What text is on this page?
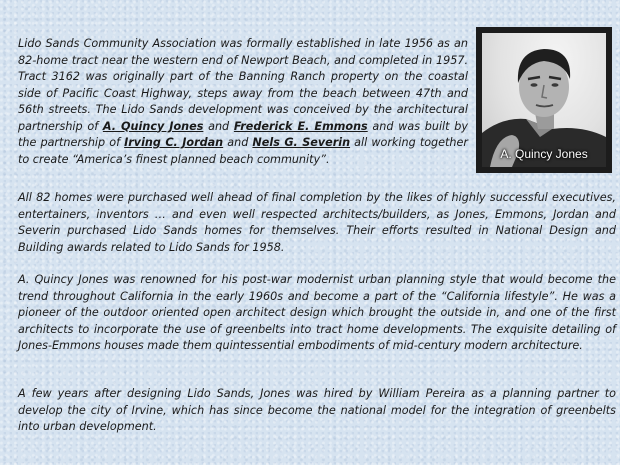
Lido Sands Community Association was formally established in late 1956 as an 82-home tract near the western end of Newport Beach, and completed in 1957. Tract 3162 was originally part of the Banning Ranch property on the coastal side of Pacific Coast Highway, steps away from the beach between 47th and 56th streets. The Lido Sands development was conceived by the architectural partnership of A. Quincy Jones and Frederick E. Emmons and was built by the partnership of Irving C. Jordan and Nels G. Severin all working together to create “America’s finest planned beach community”.	A. Quincy Jones

All 82 homes were purchased well ahead of final completion by the likes of highly successful executives, entertainers, inventors … and even well respected architects/builders, as Jones, Emmons, Jordan and Severin purchased Lido Sands homes for themselves. Their efforts resulted in National Design and Building awards related to Lido Sands for 1958.

A. Quincy Jones was renowned for his post-war modernist urban planning style that would become the trend throughout California in the early 1960s and become a part of the “California lifestyle”. He was a pioneer of the outdoor oriented open architect design which brought the outside in, and one of the first architects to incorporate the use of greenbelts into tract home developments. The exquisite detailing of Jones-Emmons houses made them quintessential embodiments of mid-century modern architecture.

A few years after designing Lido Sands, Jones was hired by William Pereira as a planning partner to develop the city of Irvine, which has since become the national model for the integration of greenbelts into urban development.
